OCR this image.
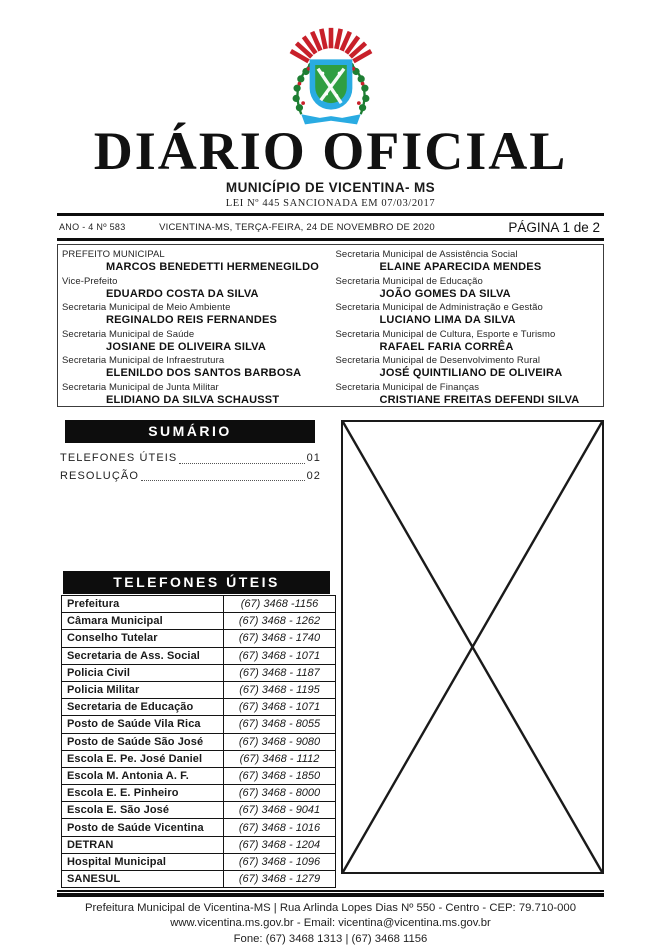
DIÁRIO OFICIAL
MUNICÍPIO DE VICENTINA- MS
LEI Nº 445 SANCIONADA EM 07/03/2017
ANO - 4 Nº 583	VICENTINA-MS, TERÇA-FEIRA, 24 DE NOVEMBRO DE 2020	PÁGINA 1 de 2
PREFEITO MUNICIPAL
MARCOS BENEDETTI HERMENEGILDO
Vice-Prefeito
EDUARDO COSTA DA SILVA
Secretaria Municipal de Meio Ambiente
REGINALDO REIS FERNANDES
Secretaria Municipal de Saúde
JOSIANE DE OLIVEIRA SILVA
Secretaria Municipal de Infraestrutura
ELENILDO DOS SANTOS BARBOSA
Secretaria Municipal de Junta Militar
ELIDIANO DA SILVA SCHAUSST
Secretaria Municipal de Assistência Social
ELAINE APARECIDA MENDES
Secretaria Municipal de Educação
JOÃO GOMES DA SILVA
Secretaria Municipal de Administração e Gestão
LUCIANO LIMA DA SILVA
Secretaria Municipal de Cultura, Esporte e Turismo
RAFAEL FARIA CORRÊA
Secretaria Municipal de Desenvolvimento Rural
JOSÉ QUINTILIANO DE OLIVEIRA
Secretaria Municipal de Finanças
CRISTIANE FREITAS DEFENDI SILVA
SUMÁRIO
TELEFONES ÚTEIS	01
RESOLUÇÃO	02
TELEFONES ÚTEIS
Prefeitura	(67) 3468 -1156
Câmara Municipal	(67) 3468 - 1262
Conselho Tutelar	(67) 3468 - 1740
Secretaria de Ass. Social	(67) 3468 - 1071
Policia Civil	(67) 3468 - 1187
Policia Militar	(67) 3468 - 1195
Secretaria de Educação	(67) 3468 - 1071
Posto de Saúde Vila Rica	(67) 3468 - 8055
Posto de Saúde São José	(67) 3468 - 9080
Escola E. Pe. José Daniel	(67) 3468 - 1112
Escola M. Antonia A. F.	(67) 3468 - 1850
Escola E. E. Pinheiro	(67) 3468 - 8000
Escola E. São José	(67) 3468 - 9041
Posto de Saúde Vicentina	(67) 3468 - 1016
DETRAN	(67) 3468 - 1204
Hospital Municipal	(67) 3468 - 1096
SANESUL	(67) 3468 - 1279
Prefeitura Municipal de Vicentina-MS | Rua Arlinda Lopes Dias Nº 550 - Centro - CEP: 79.710-000
www.vicentina.ms.gov.br - Email: vicentina@vicentina.ms.gov.br
Fone: (67) 3468 1313 | (67) 3468 1156
